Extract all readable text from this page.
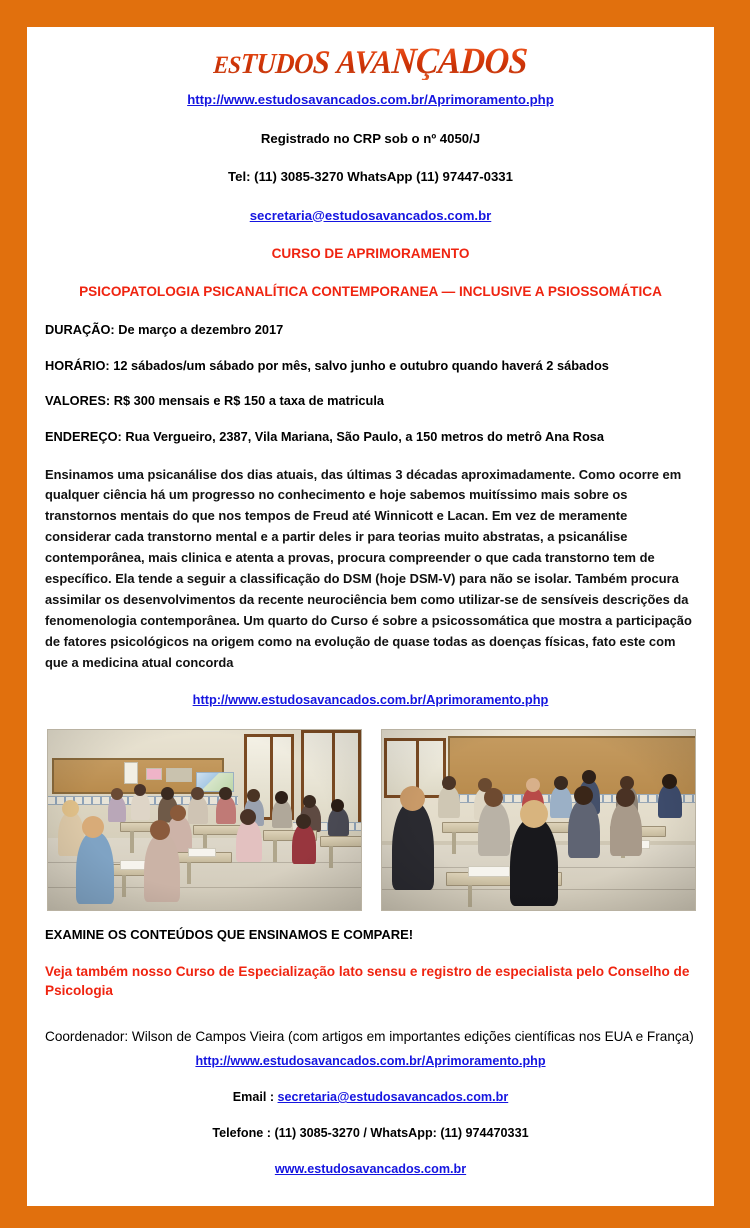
ESTUDOS AVANÇADOS
http://www.estudosavancados.com.br/Aprimoramento.php
Registrado no CRP sob o nº 4050/J
Tel: (11) 3085-3270 WhatsApp (11) 97447-0331
secretaria@estudosavancados.com.br
CURSO DE APRIMORAMENTO
PSICOPATOLOGIA PSICANALÍTICA CONTEMPORANEA — INCLUSIVE A PSIOSSOMÁTICA
DURAÇÃO: De março a dezembro 2017
HORÁRIO: 12 sábados/um sábado por mês, salvo junho e outubro quando haverá 2 sábados
VALORES: R$ 300 mensais e R$ 150 a taxa de matricula
ENDEREÇO: Rua Vergueiro, 2387, Vila Mariana, São Paulo, a 150 metros do metrô Ana Rosa
Ensinamos uma psicanálise dos dias atuais, das últimas 3 décadas aproximadamente. Como ocorre em qualquer ciência há um progresso no conhecimento e hoje sabemos muitíssimo mais sobre os transtornos mentais do que nos tempos de Freud até Winnicott e Lacan. Em vez de meramente considerar cada transtorno mental e a partir deles ir para teorias muito abstratas, a psicanálise contemporânea, mais clinica e atenta a provas, procura compreender o que cada transtorno tem de específico. Ela tende a seguir a classificação do DSM (hoje DSM-V) para não se isolar. Também procura assimilar os desenvolvimentos da recente neurociência bem como utilizar-se de sensíveis descrições da fenomenologia contemporânea. Um quarto do Curso é sobre a psicossomática que mostra a participação de fatores psicológicos na origem como na evolução de quase todas as doenças físicas, fato este com que a medicina atual concorda
http://www.estudosavancados.com.br/Aprimoramento.php
EXAMINE OS CONTEÚDOS QUE ENSINAMOS E COMPARE!
Veja também nosso Curso de Especialização lato sensu e registro de especialista pelo Conselho de Psicologia
Coordenador: Wilson de Campos Vieira (com artigos em importantes edições científicas nos EUA e França)
http://www.estudosavancados.com.br/Aprimoramento.php
Email : secretaria@estudosavancados.com.br
Telefone : (11) 3085-3270 / WhatsApp: (11) 974470331
www.estudosavancados.com.br
